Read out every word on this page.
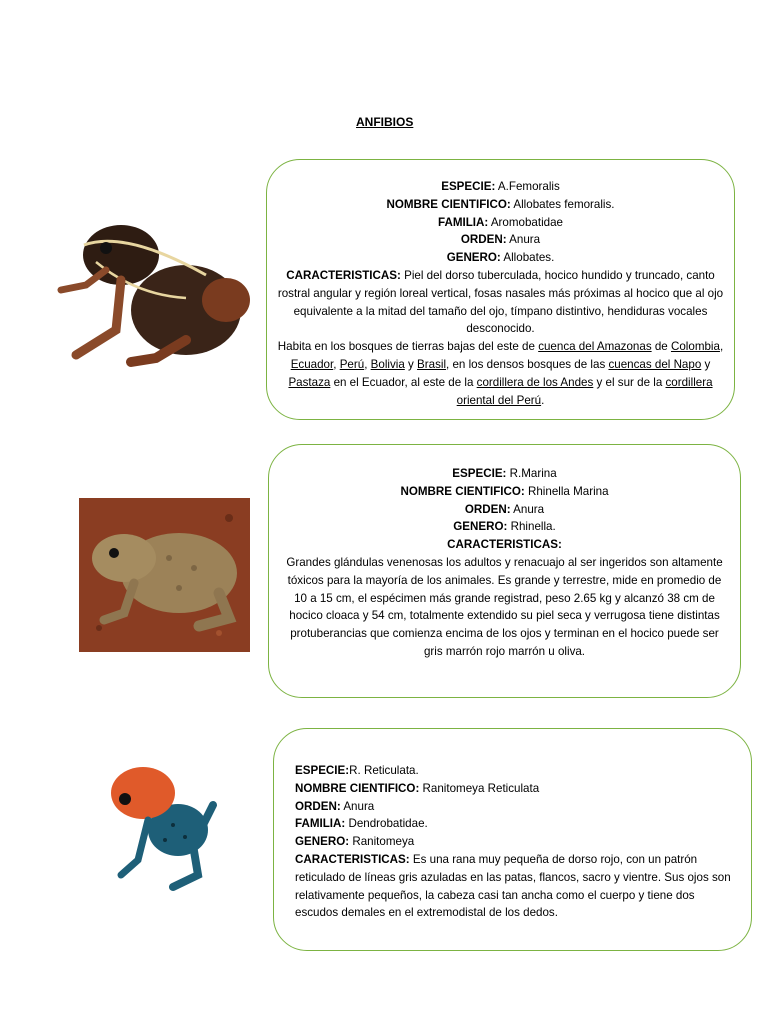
ANFIBIOS

ESPECIE: A.Femoralis

NOMBRE CIENTIFICO: Allobates femoralis.

FAMILIA: Aromobatidae

ORDEN: Anura

GENERO: Allobates.

CARACTERISTICAS: Piel del dorso tuberculada, hocico hundido y truncado, canto rostral angular y región loreal vertical, fosas nasales más próximas al hocico que al ojo equivalente a la mitad del tamaño del ojo, tímpano distintivo, hendiduras vocales desconocido.

Habita en los bosques de tierras bajas del este de cuenca del Amazonas de Colombia, Ecuador, Perú, Bolivia y Brasil, en los densos bosques de las cuencas del Napo y Pastaza en el Ecuador, al este de la cordillera de los Andes y el sur de la cordillera oriental del Perú.

ESPECIE: R.Marina

NOMBRE CIENTIFICO: Rhinella Marina

ORDEN: Anura

GENERO: Rhinella.

CARACTERISTICAS:

Grandes glándulas venenosas los adultos y renacuajo al ser ingeridos son altamente tóxicos para la mayoría de los animales. Es grande y terrestre, mide en promedio de 10 a 15 cm, el espécimen más grande registrad, peso 2.65 kg y alcanzó 38 cm de hocico cloaca y 54 cm, totalmente extendido su piel seca y verrugosa tiene distintas protuberancias que comienza encima de los ojos y terminan en el hocico puede ser gris marrón rojo marrón u oliva.

ESPECIE:R. Reticulata.

NOMBRE CIENTIFICO: Ranitomeya Reticulata

ORDEN: Anura

FAMILIA: Dendrobatidae.

GENERO: Ranitomeya

CARACTERISTICAS: Es una rana muy pequeña de dorso rojo, con un patrón reticulado de líneas gris azuladas en las patas, flancos, sacro y vientre. Sus ojos son relativamente pequeños, la cabeza casi tan ancha como el cuerpo y tiene dos escudos demales en el extremodistal de los dedos.
